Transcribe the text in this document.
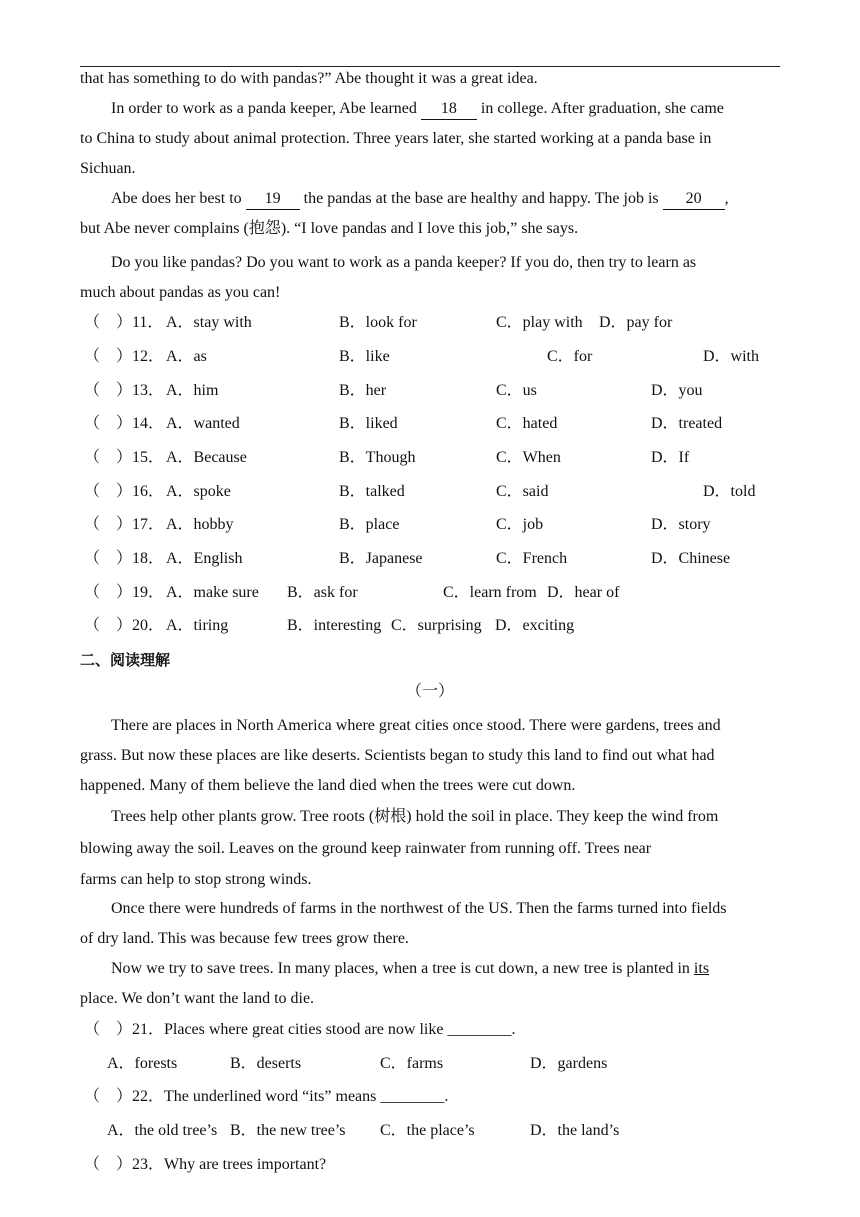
that has something to do with pandas?” Abe thought it was a great idea.
In order to work as a panda keeper, Abe learned 18 in college. After graduation, she came
to China to study about animal protection. Three years later, she started working at a panda base in
Sichuan.
Abe does her best to 19 the pandas at the base are healthy and happy. The job is 20 ,
but Abe never complains (抱怨). “I love pandas and I love this job,” she says.
Do you like pandas? Do you want to work as a panda keeper? If you do, then try to learn as
much about pandas as you can!
（　） 11． A．stay with	B．look for	C．play with D．pay for
（　） 12． A．as	B．like	C．for	D．with
（　） 13． A．him	B．her	C．us	D．you
（　） 14． A．wanted	B．liked	C．hated	D．treated
（　） 15． A．Because	B．Though	C．When	D．If
（　） 16． A．spoke	B．talked	C．said	D．told
（　） 17． A．hobby	B．place	C．job	D．story
（　） 18． A．English	B．Japanese	C．French	D．Chinese
（　） 19． A．make sure B．ask for	C．learn from D．hear of
（　） 20． A．tiring	B．interesting C．surprising D．exciting
二、阅读理解
（一）
There are places in North America where great cities once stood. There were gardens, trees and
grass. But now these places are like deserts. Scientists began to study this land to find out what had
happened. Many of them believe the land died when the trees were cut down.
Trees help other plants grow. Tree roots (树根) hold the soil in place. They keep the wind from
blowing away the soil. Leaves on the ground keep rainwater from running off. Trees near
farms can help to stop strong winds.
Once there were hundreds of farms in the northwest of the US. Then the farms turned into fields
of dry land. This was because few trees grow there.
Now we try to save trees. In many places, when a tree is cut down, a new tree is planted in its
place. We don’t want the land to die.
（　） 21．Places where great cities stood are now like ________.
A．forests	B．deserts	C．farms	D．gardens
（　） 22．The underlined word “its” means ________.
A．the old tree’s B．the new tree’s C．the place’s	D．the land’s
（　） 23．Why are trees important?
